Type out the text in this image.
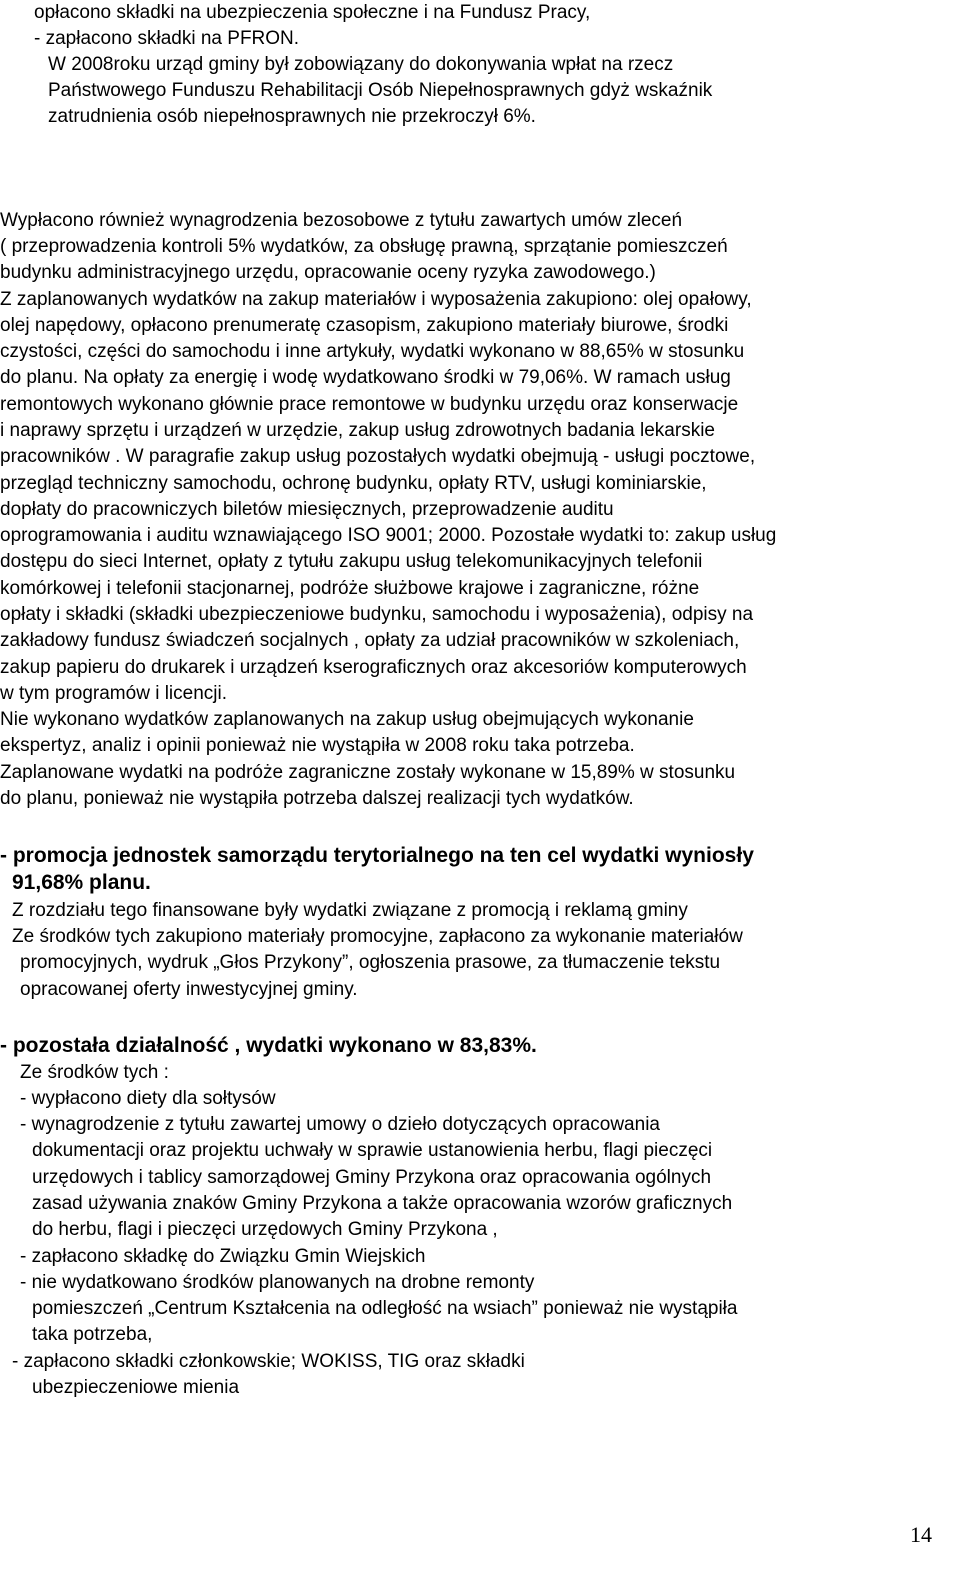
opłacono składki na ubezpieczenia społeczne i na Fundusz Pracy,
- zapłacono składki na PFRON.
W 2008roku urząd gminy był zobowiązany do dokonywania wpłat na rzecz
Państwowego Funduszu Rehabilitacji Osób Niepełnosprawnych gdyż wskaźnik
zatrudnienia osób niepełnosprawnych nie przekroczył 6%.
Wypłacono również wynagrodzenia bezosobowe z tytułu zawartych umów zleceń
( przeprowadzenia kontroli 5% wydatków, za obsługę prawną, sprzątanie pomieszczeń
budynku administracyjnego urzędu, opracowanie oceny ryzyka zawodowego.)
Z zaplanowanych wydatków na zakup materiałów i wyposażenia zakupiono: olej opałowy,
olej napędowy, opłacono prenumeratę czasopism, zakupiono materiały biurowe, środki
czystości, części do samochodu i inne artykuły, wydatki wykonano w 88,65% w stosunku
do planu. Na opłaty za energię i wodę wydatkowano środki w 79,06%. W ramach usług
remontowych wykonano głównie prace remontowe w budynku urzędu oraz konserwacje
i naprawy sprzętu i urządzeń w urzędzie, zakup usług zdrowotnych badania lekarskie
pracowników . W paragrafie zakup usług pozostałych wydatki obejmują - usługi pocztowe,
przegląd techniczny samochodu, ochronę budynku, opłaty RTV, usługi kominiarskie,
dopłaty do pracowniczych biletów miesięcznych, przeprowadzenie auditu
oprogramowania i auditu wznawiającego ISO 9001; 2000. Pozostałe wydatki to: zakup usług
dostępu do sieci Internet, opłaty z tytułu zakupu usług telekomunikacyjnych telefonii
komórkowej i telefonii stacjonarnej, podróże służbowe krajowe i zagraniczne, różne
opłaty i składki (składki ubezpieczeniowe budynku, samochodu i wyposażenia), odpisy na
zakładowy fundusz świadczeń socjalnych , opłaty za udział pracowników w szkoleniach,
zakup papieru do drukarek i urządzeń kserograficznych oraz akcesoriów komputerowych
w tym programów i licencji.
Nie wykonano wydatków zaplanowanych na zakup usług obejmujących wykonanie
ekspertyz, analiz i opinii ponieważ nie wystąpiła w 2008 roku taka potrzeba.
Zaplanowane wydatki na podróże zagraniczne zostały wykonane w 15,89% w stosunku
do planu, ponieważ nie wystąpiła potrzeba dalszej realizacji tych wydatków.
- promocja jednostek samorządu terytorialnego na ten cel wydatki wyniosły
91,68% planu.
Z rozdziału tego finansowane były wydatki związane z promocją i reklamą gminy
Ze środków tych zakupiono materiały promocyjne, zapłacono za wykonanie materiałów
promocyjnych, wydruk „Głos Przykony”, ogłoszenia prasowe, za tłumaczenie tekstu
opracowanej oferty inwestycyjnej gminy.
- pozostała działalność , wydatki wykonano w 83,83%.
Ze środków tych :
- wypłacono diety dla sołtysów
- wynagrodzenie z tytułu zawartej umowy o dzieło dotyczących opracowania
dokumentacji oraz projektu uchwały w sprawie ustanowienia herbu, flagi pieczęci
urzędowych i tablicy samorządowej Gminy Przykona oraz opracowania ogólnych
zasad używania znaków Gminy Przykona a także opracowania wzorów graficznych
do herbu, flagi i pieczęci urzędowych Gminy Przykona ,
- zapłacono składkę do Związku Gmin Wiejskich
- nie wydatkowano środków planowanych na drobne remonty
pomieszczeń „Centrum Kształcenia na odległość na wsiach” ponieważ nie wystąpiła
taka potrzeba,
- zapłacono składki członkowskie; WOKISS, TIG oraz składki
ubezpieczeniowe mienia
14
